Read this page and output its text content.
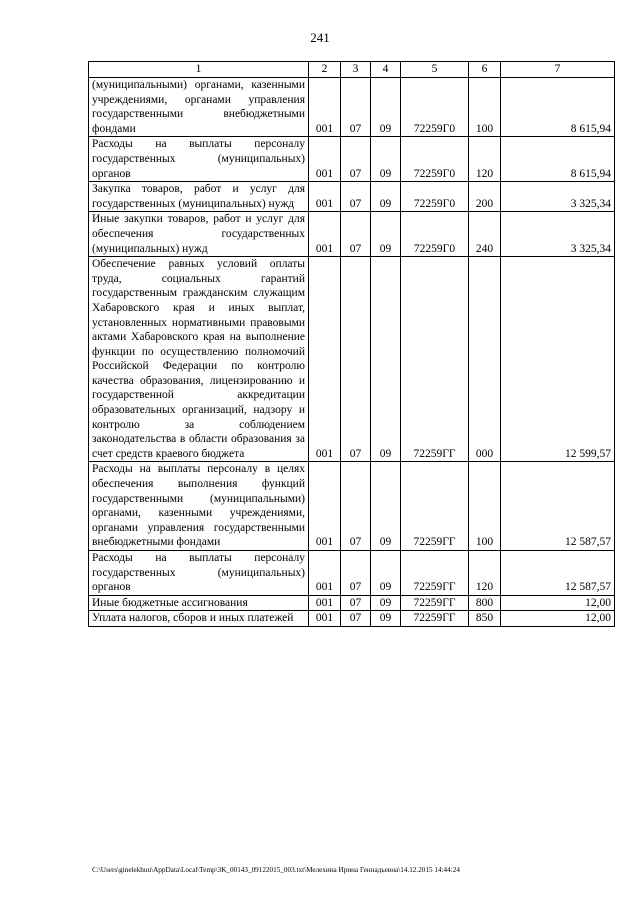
241
1	2	3	4	5	6	7
(муниципальными) органами, казенными учреждениями, органами управления государственными внебюджетными фондами	001	07	09	72259Г0	100	8 615,94
Расходы на выплаты персоналу государственных (муниципальных) органов	001	07	09	72259Г0	120	8 615,94
Закупка товаров, работ и услуг для государственных (муниципальных) нужд	001	07	09	72259Г0	200	3 325,34
Иные закупки товаров, работ и услуг для обеспечения государственных (муниципальных) нужд	001	07	09	72259Г0	240	3 325,34
Обеспечение равных условий оплаты труда, социальных гарантий государственным гражданским служащим Хабаровского края и иных выплат, установленных нормативными правовыми актами Хабаровского края на выполнение функции по осуществлению полномочий Российской Федерации по контролю качества образования, лицензированию и государственной аккредитации образовательных организаций, надзору и контролю за соблюдением законодательства в области образования за счет средств краевого бюджета	001	07	09	72259ГГ	000	12 599,57
Расходы на выплаты персоналу в целях обеспечения выполнения функций государственными (муниципальными) органами, казенными учреждениями, органами управления государственными внебюджетными фондами	001	07	09	72259ГГ	100	12 587,57
Расходы на выплаты персоналу государственных (муниципальных) органов	001	07	09	72259ГГ	120	12 587,57
Иные бюджетные ассигнования	001	07	09	72259ГГ	800	12,00
Уплата налогов, сборов и иных платежей	001	07	09	72259ГГ	850	12,00
C:\Users\ginelekhuu\AppData\Local\Temp\3K_00143_09122015_003.txt\Мелехина Ирина Геннадьевна\14.12.2015 14:44:24
